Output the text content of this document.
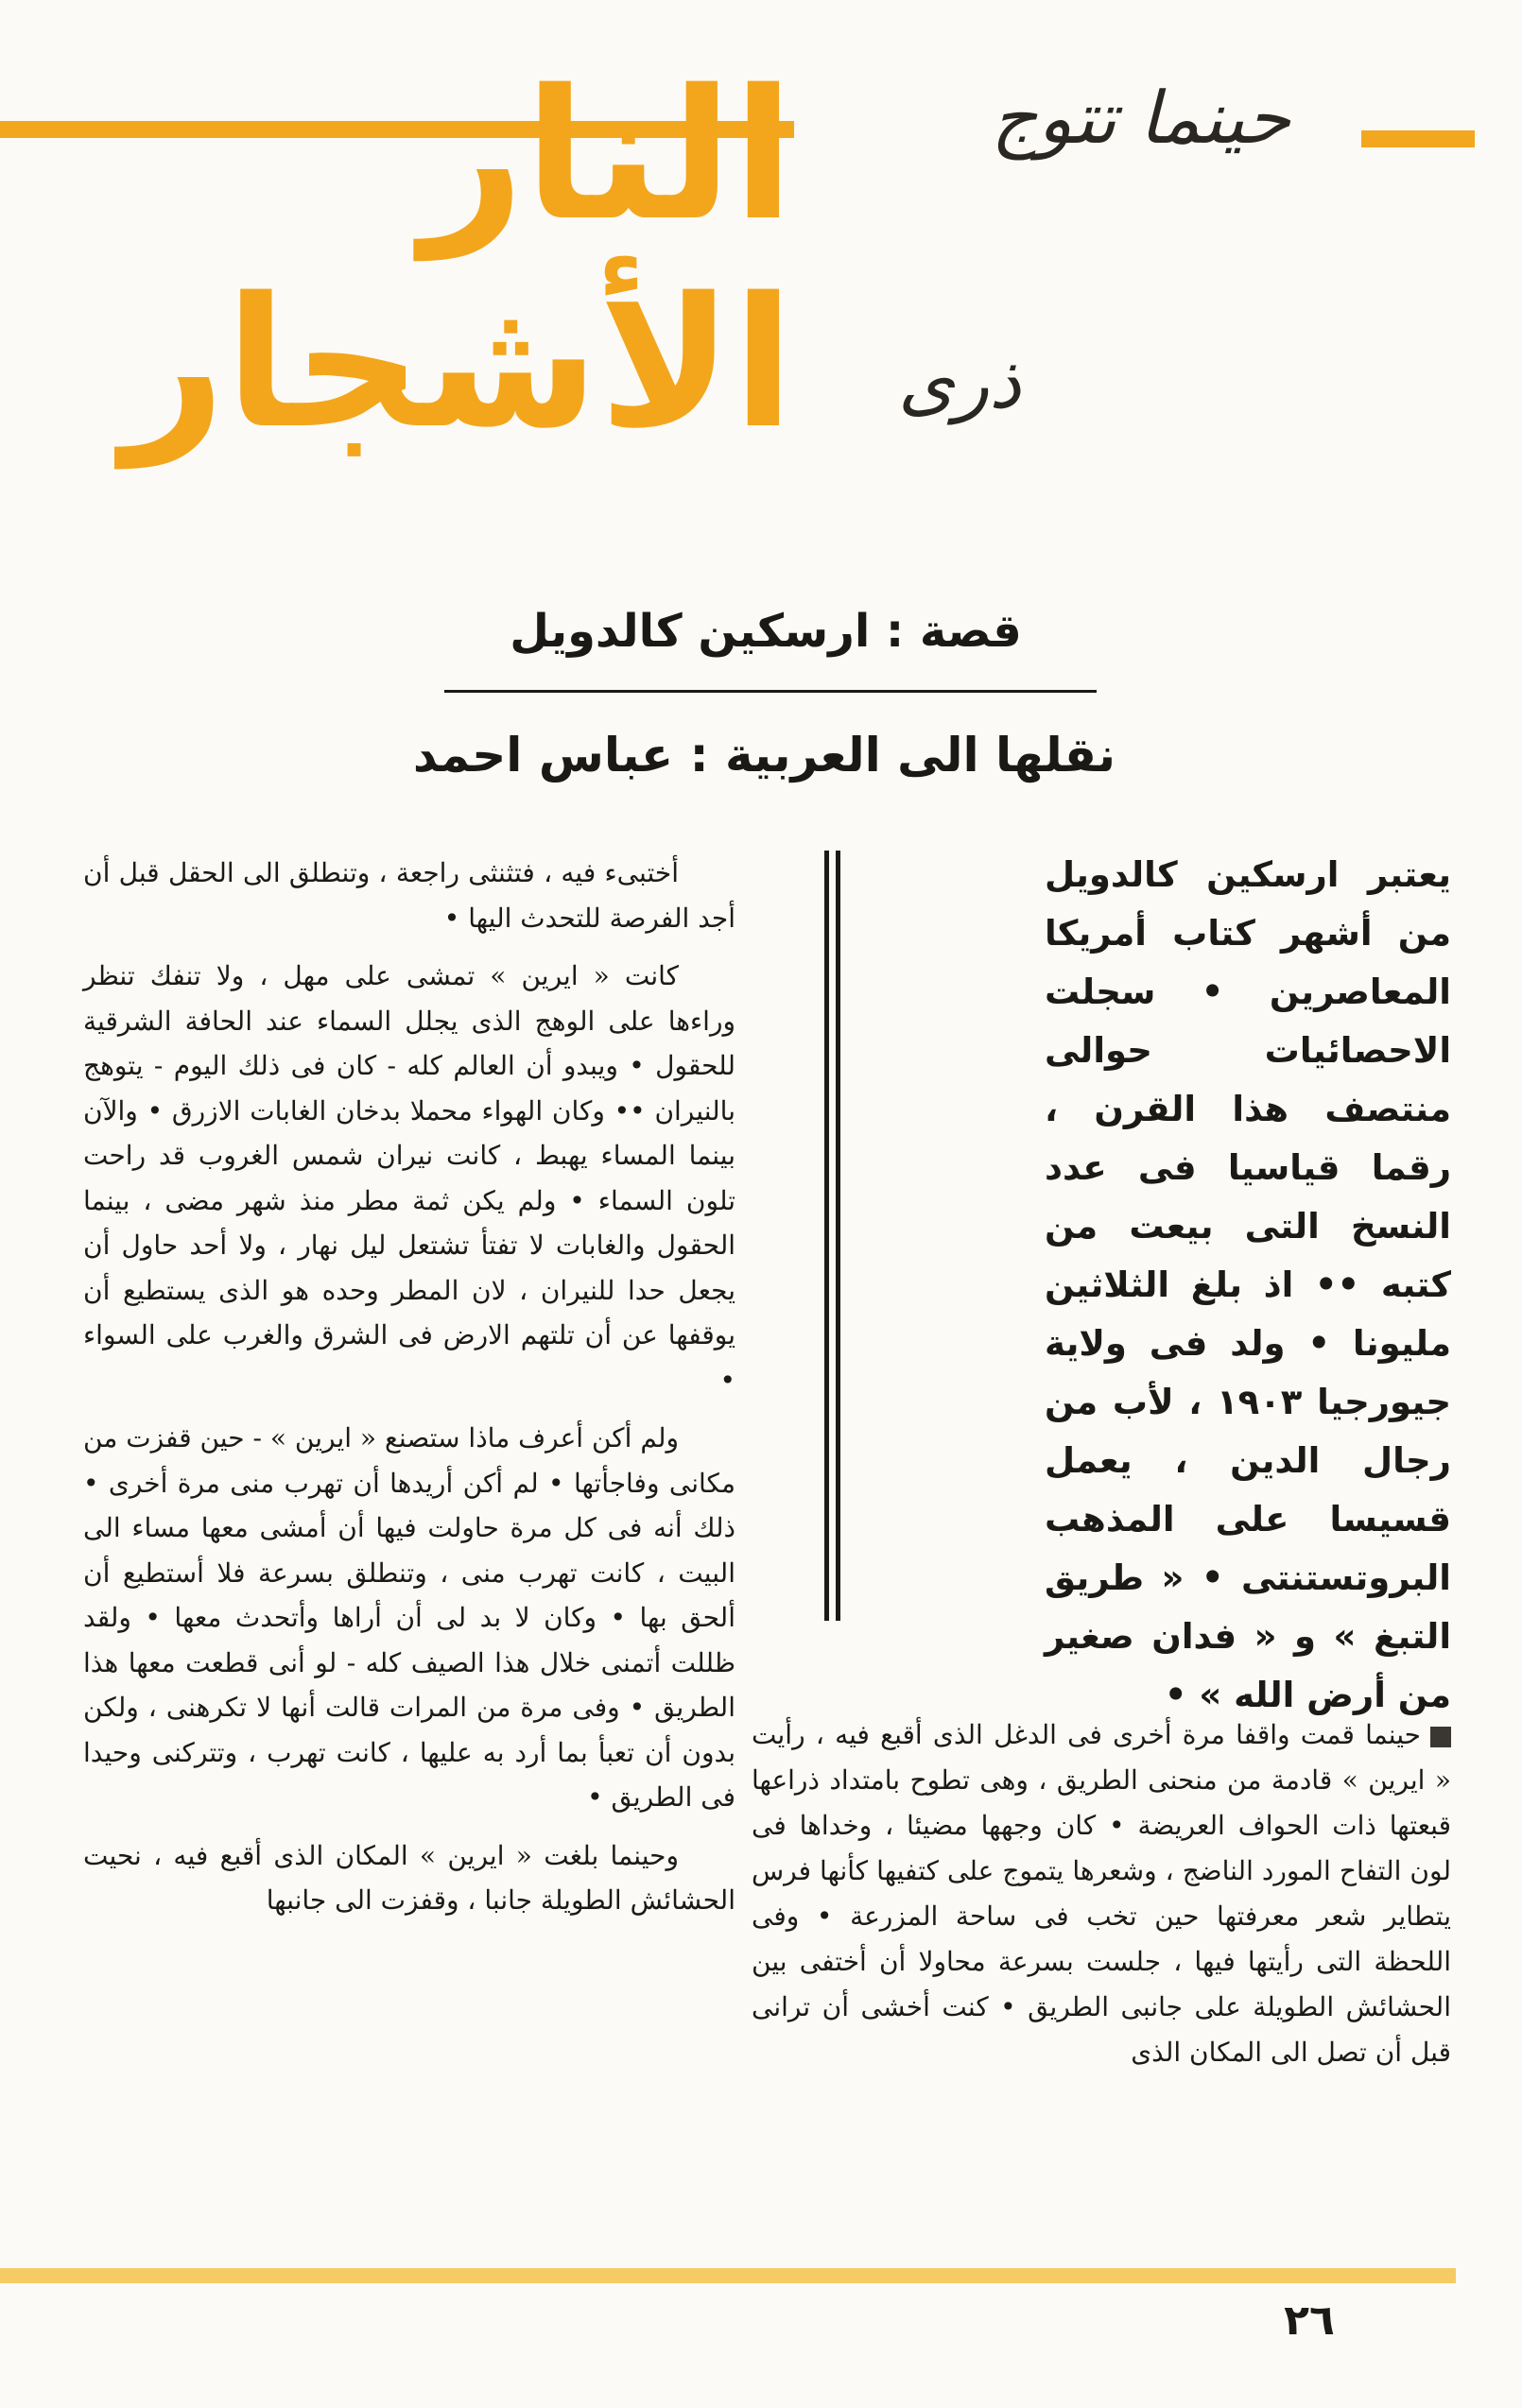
حينما تتوج
النار
ذرى
الأشجار
قصة : ارسكين كالدويل
نقلها الى العربية : عباس احمد
يعتبر ارسكين كالدويل من أشهر كتاب أمريكا المعاصرين • سجلت الاحصائيات حوالى منتصف هذا القرن ، رقما قياسيا فى عدد النسخ التى بيعت من كتبه •• اذ بلغ الثلاثين مليونا • ولد فى ولاية جيورجيا ١٩٠٣ ، لأب من رجال الدين ، يعمل قسيسا على المذهب البروتستنتى • « طريق التبغ » و « فدان صغير من أرض الله » •
حينما قمت واقفا مرة أخرى فى الدغل الذى أقبع فيه ، رأيت « ايرين » قادمة من منحنى الطريق ، وهى تطوح بامتداد ذراعها قبعتها ذات الحواف العريضة • كان وجهها مضيئا ، وخداها فى لون التفاح المورد الناضج ، وشعرها يتموج على كتفيها كأنها فرس يتطاير شعر معرفتها حين تخب فى ساحة المزرعة • وفى اللحظة التى رأيتها فيها ، جلست بسرعة محاولا أن أختفى بين الحشائش الطويلة على جانبى الطريق • كنت أخشى أن ترانى قبل أن تصل الى المكان الذى

أختبىء فيه ، فتثنثى راجعة ، وتنطلق الى الحقل قبل أن أجد الفرصة للتحدث اليها •

كانت « ايرين » تمشى على مهل ، ولا تنفك تنظر وراءها على الوهج الذى يجلل السماء عند الحافة الشرقية للحقول • ويبدو أن العالم كله - كان فى ذلك اليوم - يتوهج بالنيران •• وكان الهواء محملا بدخان الغابات الازرق • والآن بينما المساء يهبط ، كانت نيران شمس الغروب قد راحت تلون السماء • ولم يكن ثمة مطر منذ شهر مضى ، بينما الحقول والغابات لا تفتأ تشتعل ليل نهار ، ولا أحد حاول أن يجعل حدا للنيران ، لان المطر وحده هو الذى يستطيع أن يوقفها عن أن تلتهم الارض فى الشرق والغرب على السواء •

ولم أكن أعرف ماذا ستصنع « ايرين » - حين قفزت من مكانى وفاجأتها • لم أكن أريدها أن تهرب منى مرة أخرى • ذلك أنه فى كل مرة حاولت فيها أن أمشى معها مساء الى البيت ، كانت تهرب منى ، وتنطلق بسرعة فلا أستطيع أن ألحق بها • وكان لا بد لى أن أراها وأتحدث معها • ولقد ظللت أتمنى خلال هذا الصيف كله - لو أنى قطعت معها هذا الطريق • وفى مرة من المرات قالت أنها لا تكرهنى ، ولكن بدون أن تعبأ بما أرد به عليها ، كانت تهرب ، وتتركنى وحيدا فى الطريق •

وحينما بلغت « ايرين » المكان الذى أقبع فيه ، نحيت الحشائش الطويلة جانبا ، وقفزت الى جانبها

٢٦
